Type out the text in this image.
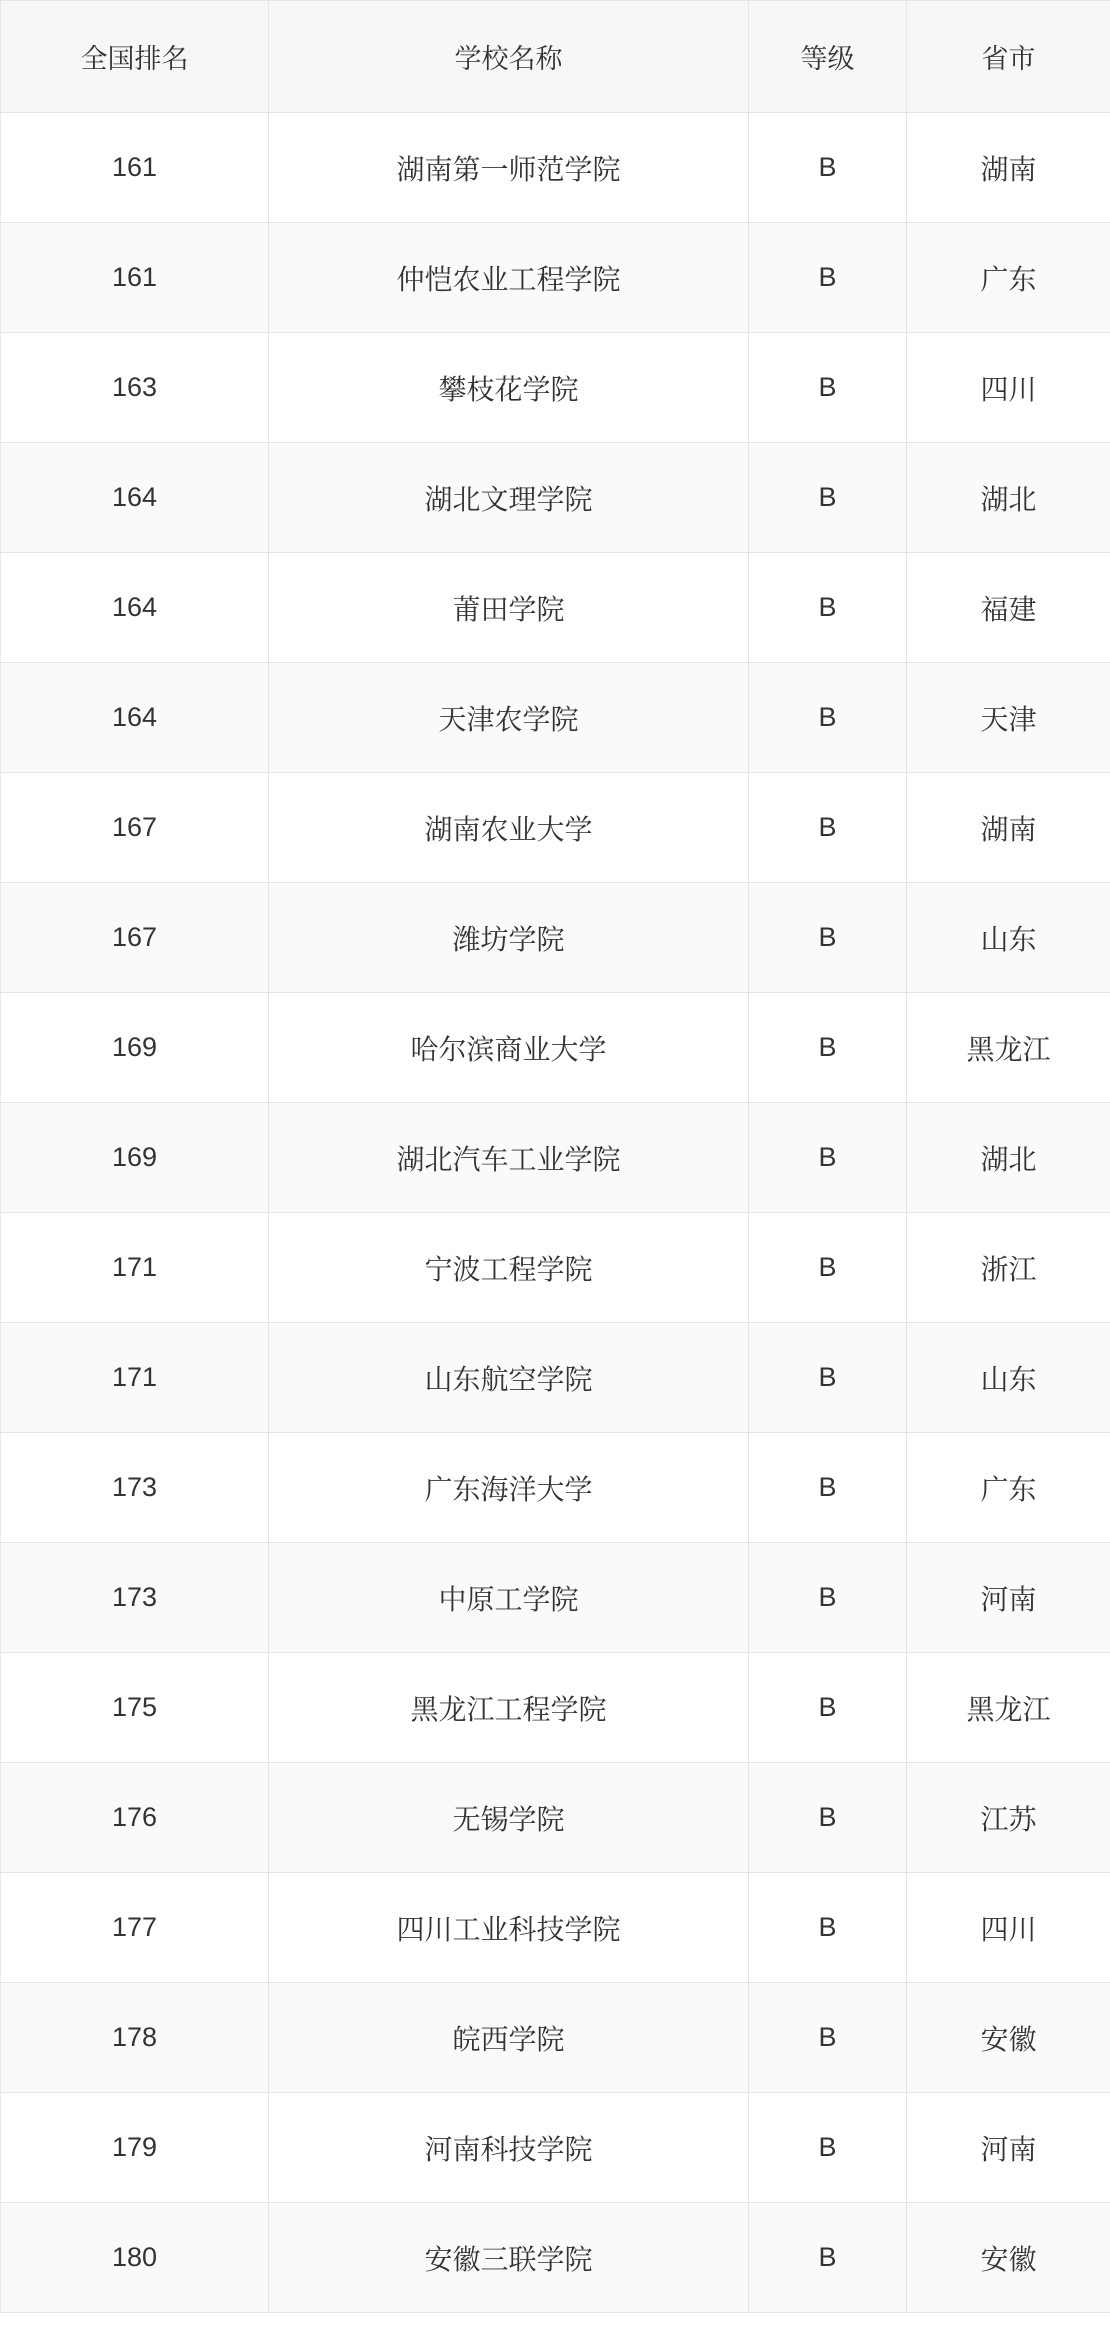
全国排名	学校名称	等级	省市
161	湖南第一师范学院	B	湖南
161	仲恺农业工程学院	B	广东
163	攀枝花学院	B	四川
164	湖北文理学院	B	湖北
164	莆田学院	B	福建
164	天津农学院	B	天津
167	湖南农业大学	B	湖南
167	潍坊学院	B	山东
169	哈尔滨商业大学	B	黑龙江
169	湖北汽车工业学院	B	湖北
171	宁波工程学院	B	浙江
171	山东航空学院	B	山东
173	广东海洋大学	B	广东
173	中原工学院	B	河南
175	黑龙江工程学院	B	黑龙江
176	无锡学院	B	江苏
177	四川工业科技学院	B	四川
178	皖西学院	B	安徽
179	河南科技学院	B	河南
180	安徽三联学院	B	安徽
